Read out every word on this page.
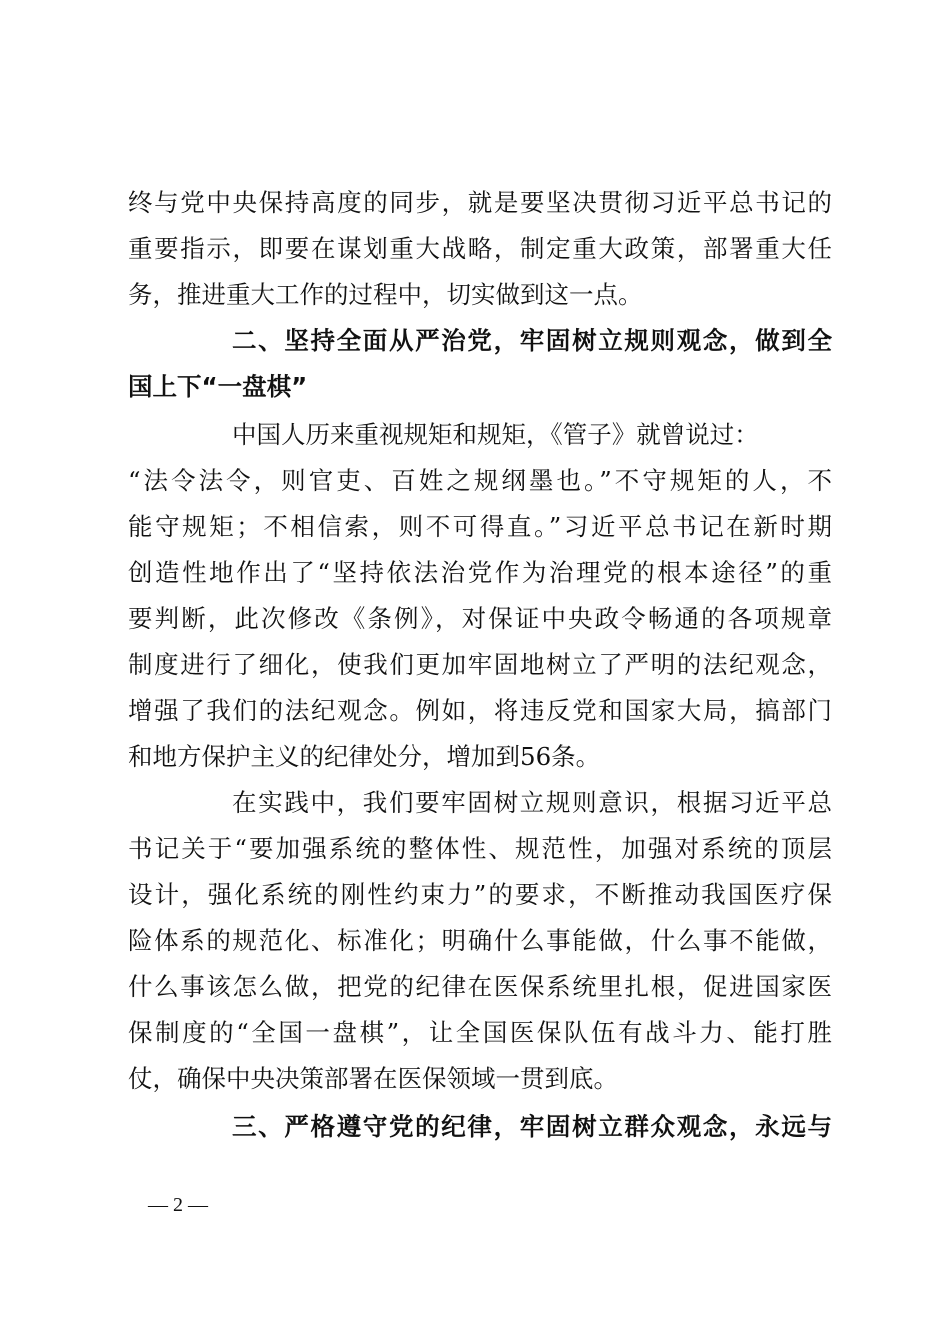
终与党中央保持高度的同步，就是要坚决贯彻习近平总书记的
重要指示，即要在谋划重大战略，制定重大政策，部署重大任
务，推进重大工作的过程中，切实做到这一点。
二、坚持全面从严治党，牢固树立规则观念，做到全
国上下“一盘棋”
中国人历来重视规矩和规矩，《管子》就曾说过：
“法令法令，则官吏、百姓之规纲墨也。”不守规矩的人，不
能守规矩；不相信索，则不可得直。”习近平总书记在新时期
创造性地作出了“坚持依法治党作为治理党的根本途径”的重
要判断，此次修改《条例》，对保证中央政令畅通的各项规章
制度进行了细化，使我们更加牢固地树立了严明的法纪观念，
增强了我们的法纪观念。例如，将违反党和国家大局，搞部门
和地方保护主义的纪律处分，增加到56条。
在实践中，我们要牢固树立规则意识，根据习近平总
书记关于“要加强系统的整体性、规范性，加强对系统的顶层
设计，强化系统的刚性约束力”的要求，不断推动我国医疗保
险体系的规范化、标准化；明确什么事能做，什么事不能做，
什么事该怎么做，把党的纪律在医保系统里扎根，促进国家医
保制度的“全国一盘棋”，让全国医保队伍有战斗力、能打胜
仗，确保中央决策部署在医保领域一贯到底。
三、严格遵守党的纪律，牢固树立群众观念，永远与
— 2 —
